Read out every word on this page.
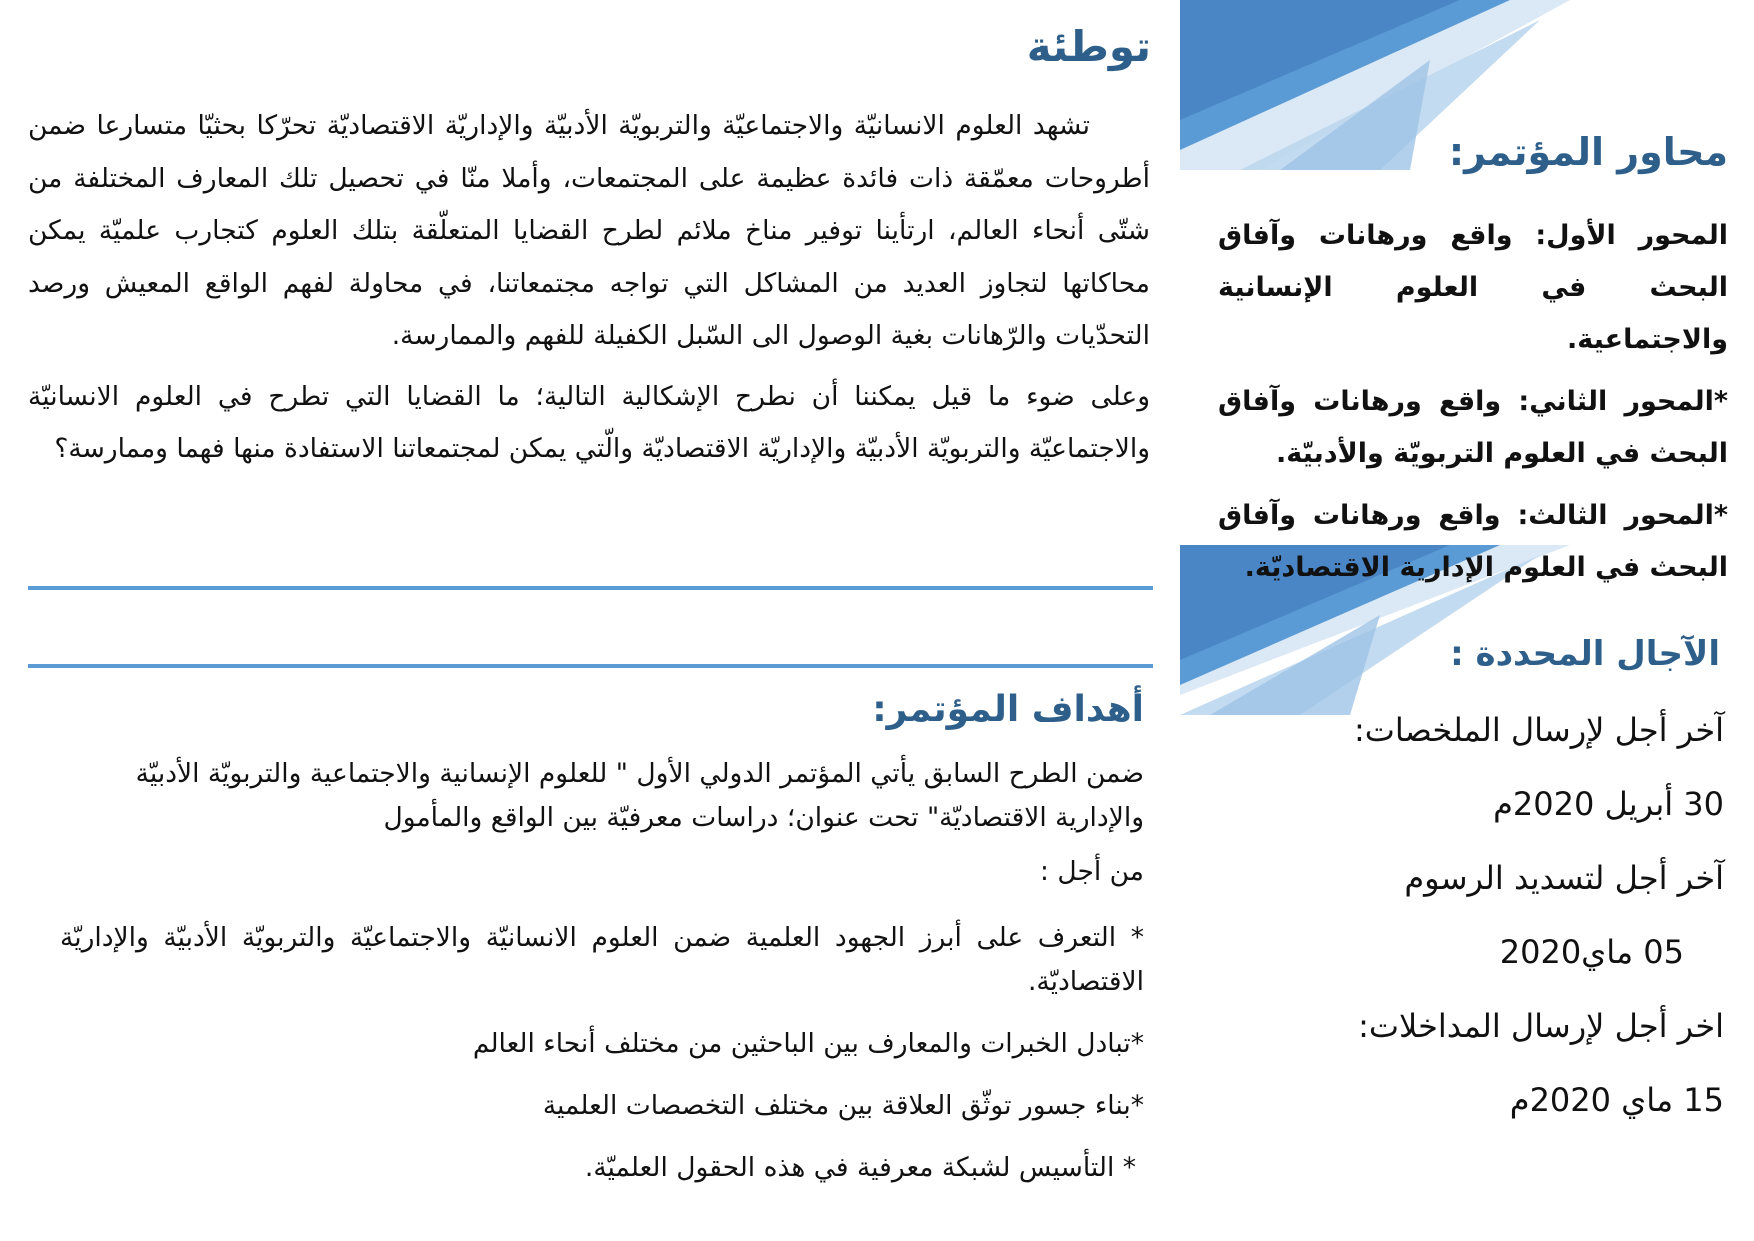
توطئة

تشهد العلوم الانسانيّة والاجتماعيّة والتربويّة الأدبيّة والإداريّة الاقتصاديّة تحرّكا بحثيّا متسارعا ضمن أطروحات معمّقة ذات فائدة عظيمة على المجتمعات، وأملا منّا في تحصيل تلك المعارف المختلفة من شتّى أنحاء العالم، ارتأينا توفير مناخ ملائم لطرح القضايا المتعلّقة بتلك العلوم كتجارب علميّة يمكن محاكاتها لتجاوز العديد من المشاكل التي تواجه مجتمعاتنا، في محاولة لفهم الواقع المعيش ورصد التحدّيات والرّهانات بغية الوصول الى السّبل الكفيلة للفهم والممارسة.

وعلى ضوء ما قيل يمكننا أن نطرح الإشكالية التالية؛ ما القضايا التي تطرح في العلوم الانسانيّة والاجتماعيّة والتربويّة الأدبيّة والإداريّة الاقتصاديّة والّتي يمكن لمجتمعاتنا الاستفادة منها فهما وممارسة؟

أهداف المؤتمر:

ضمن الطرح السابق يأتي المؤتمر الدولي الأول " للعلوم الإنسانية والاجتماعية والتربويّة الأدبيّة والإدارية الاقتصاديّة" تحت عنوان؛ دراسات معرفيّة بين الواقع والمأمول

من أجل :

* التعرف على أبرز الجهود العلمية ضمن العلوم الانسانيّة والاجتماعيّة والتربويّة الأدبيّة والإداريّة الاقتصاديّة.

*تبادل الخبرات والمعارف بين الباحثين من مختلف أنحاء العالم

*بناء جسور توثّق العلاقة بين مختلف التخصصات العلمية

* التأسيس لشبكة معرفية في هذه الحقول العلميّة.

محاور المؤتمر:

المحور الأول: واقع ورهانات وآفاق البحث في العلوم الإنسانية والاجتماعية.

*المحور الثاني: واقع ورهانات وآفاق البحث في العلوم التربويّة والأدبيّة.

*المحور الثالث: واقع ورهانات وآفاق البحث في العلوم الإدارية الاقتصاديّة.

الآجال المحددة :
آخر أجل لإرسال الملخصات:
30 أبريل 2020م
آخر أجل لتسديد الرسوم
05 ماي2020
اخر أجل لإرسال المداخلات:
15 ماي 2020م
